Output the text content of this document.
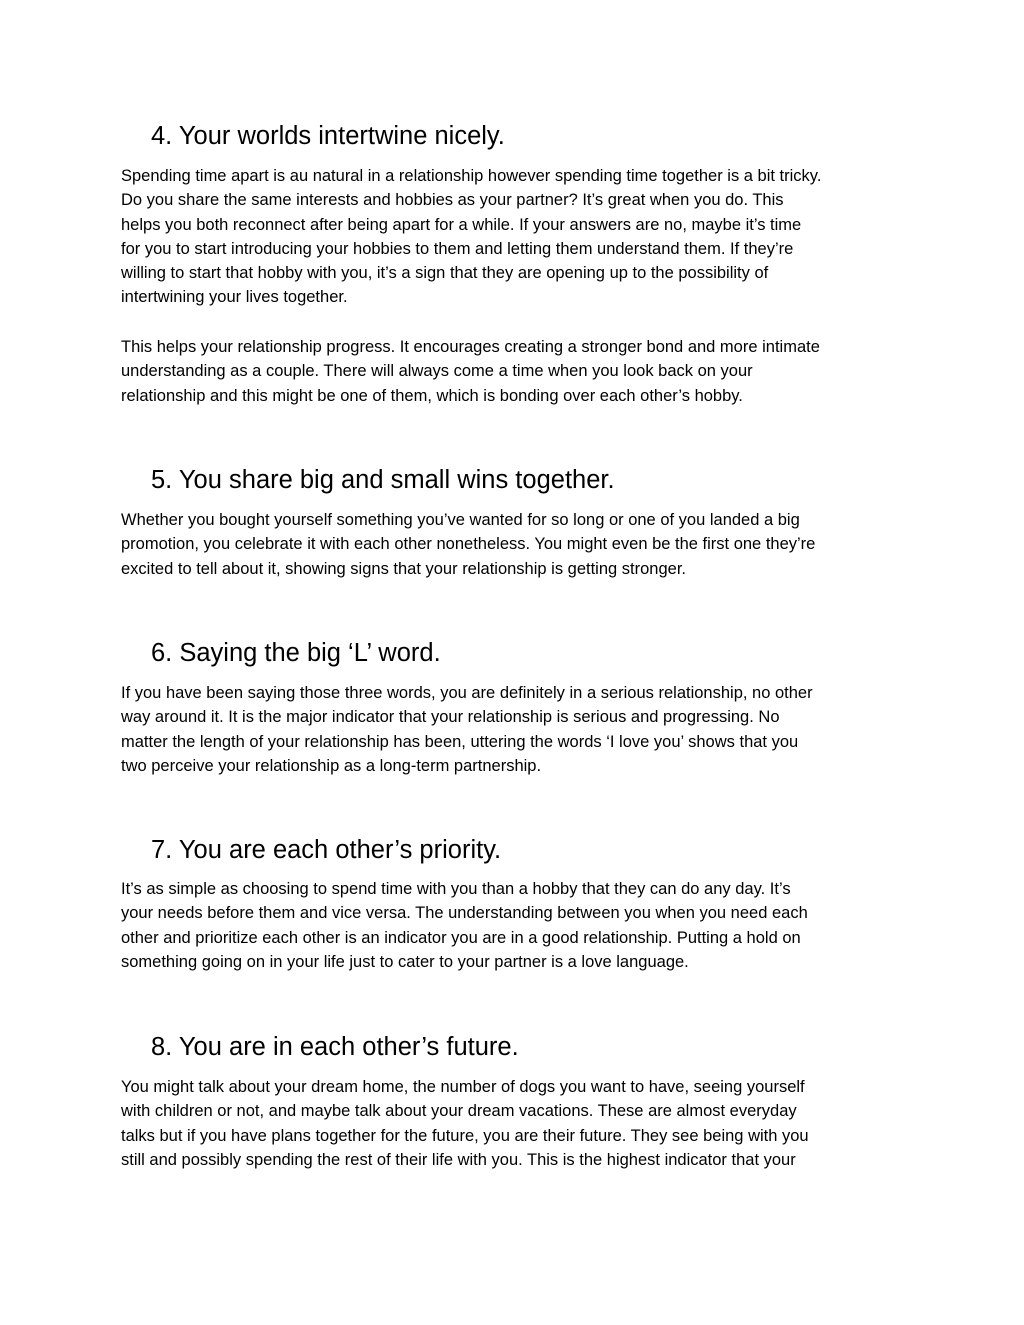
4. Your worlds intertwine nicely.

Spending time apart is au natural in a relationship however spending time together is a bit tricky.
Do you share the same interests and hobbies as your partner? It’s great when you do. This
helps you both reconnect after being apart for a while. If your answers are no, maybe it’s time
for you to start introducing your hobbies to them and letting them understand them. If they’re
willing to start that hobby with you, it’s a sign that they are opening up to the possibility of
intertwining your lives together.

This helps your relationship progress. It encourages creating a stronger bond and more intimate
understanding as a couple. There will always come a time when you look back on your
relationship and this might be one of them, which is bonding over each other’s hobby.

5. You share big and small wins together.

Whether you bought yourself something you’ve wanted for so long or one of you landed a big
promotion, you celebrate it with each other nonetheless. You might even be the first one they’re
excited to tell about it, showing signs that your relationship is getting stronger.

6. Saying the big ‘L’ word.

If you have been saying those three words, you are definitely in a serious relationship, no other
way around it. It is the major indicator that your relationship is serious and progressing. No
matter the length of your relationship has been, uttering the words ‘I love you’ shows that you
two perceive your relationship as a long-term partnership.

7. You are each other’s priority.

It’s as simple as choosing to spend time with you than a hobby that they can do any day. It’s
your needs before them and vice versa. The understanding between you when you need each
other and prioritize each other is an indicator you are in a good relationship. Putting a hold on
something going on in your life just to cater to your partner is a love language.

8. You are in each other’s future.

You might talk about your dream home, the number of dogs you want to have, seeing yourself
with children or not, and maybe talk about your dream vacations. These are almost everyday
talks but if you have plans together for the future, you are their future. They see being with you
still and possibly spending the rest of their life with you. This is the highest indicator that your
